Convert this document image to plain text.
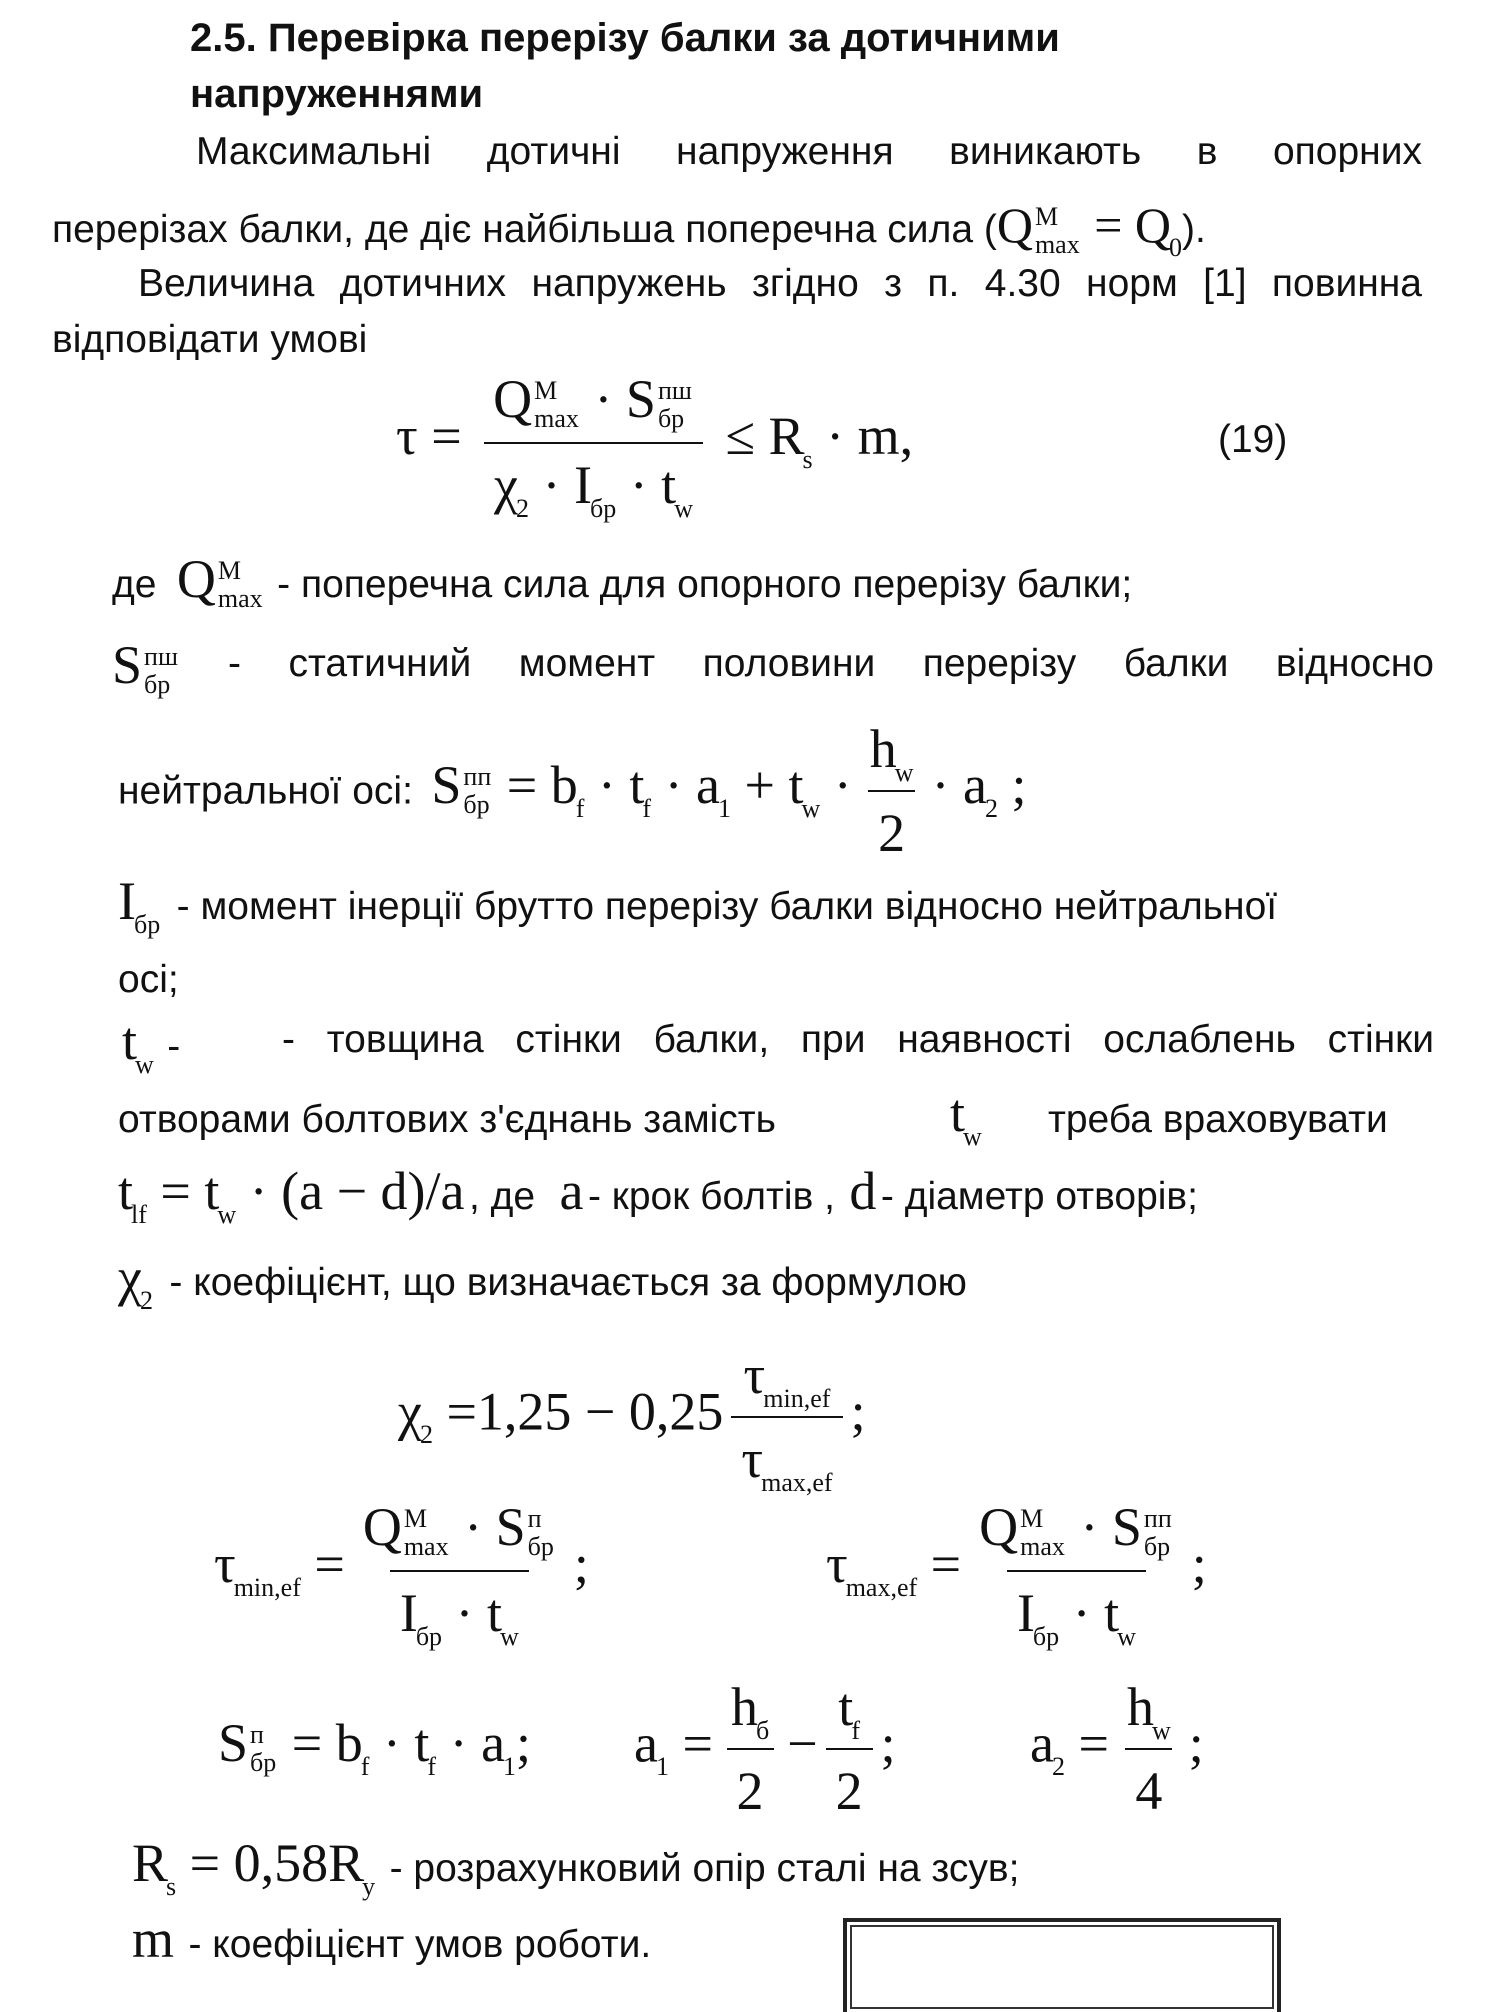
2.5. Перевірка перерізу балки за дотичними
напруженнями
Максимальні дотичні напруження виникають в опорних
перерізах балки, де діє найбільша поперечна сила (Q M
$\max = Q_0$).
Величина дотичних напружень згідно з п. 4.30 норм [1] повинна
відповідати умові
τ = Q M
max · S пш
бр
$\chi_2 \cdot I_{бр} \cdot t_w \le R_s \cdot m$,	(19)
де Q M
max - поперечна сила для опорного перерізу балки;
S пш
бр - статичний момент половини перерізу балки відносно
нейтральної осі: S пп
бр = $b_f \cdot t_f \cdot a_1 + t_w \cdot \frac{h_w}{2} \cdot a_2$ ;
$I_{бр}$ - момент інерції брутто перерізу балки відносно нейтральної
осі;
$t_w$ -	- товщина стінки балки, при наявності ослаблень стінки
отворами болтових з'єднань замість	$t_w$ треба враховувати
$t_{lf} = t_w \cdot (a - d)/a$ , де a - крок болтів , d - діаметр отворів;
$\chi_2$ - коефіцієнт, що визначається за формулою
$\chi_2 =1,25 - 0,25 \frac{\tau_{min,ef}}{\tau_{max,ef}}$ ;
$\tau_{min,ef} = Q$ M
max · S п
бр
$I_{бр} \cdot t_w$ ;	$\tau_{max,ef} = Q$ M
max · S пп
бр
$I_{бр} \cdot t_w$ ;
S п
бр = $b_f \cdot t_f \cdot a_1$; $a_1 = \frac{h_б}{2} - \frac{t_f}{2}$ ; $a_2 = \frac{h_w}{4}$ ;
$R_s = 0,58R_y$ - розрахунковий опір сталі на зсув;
m - коефіцієнт умов роботи.
